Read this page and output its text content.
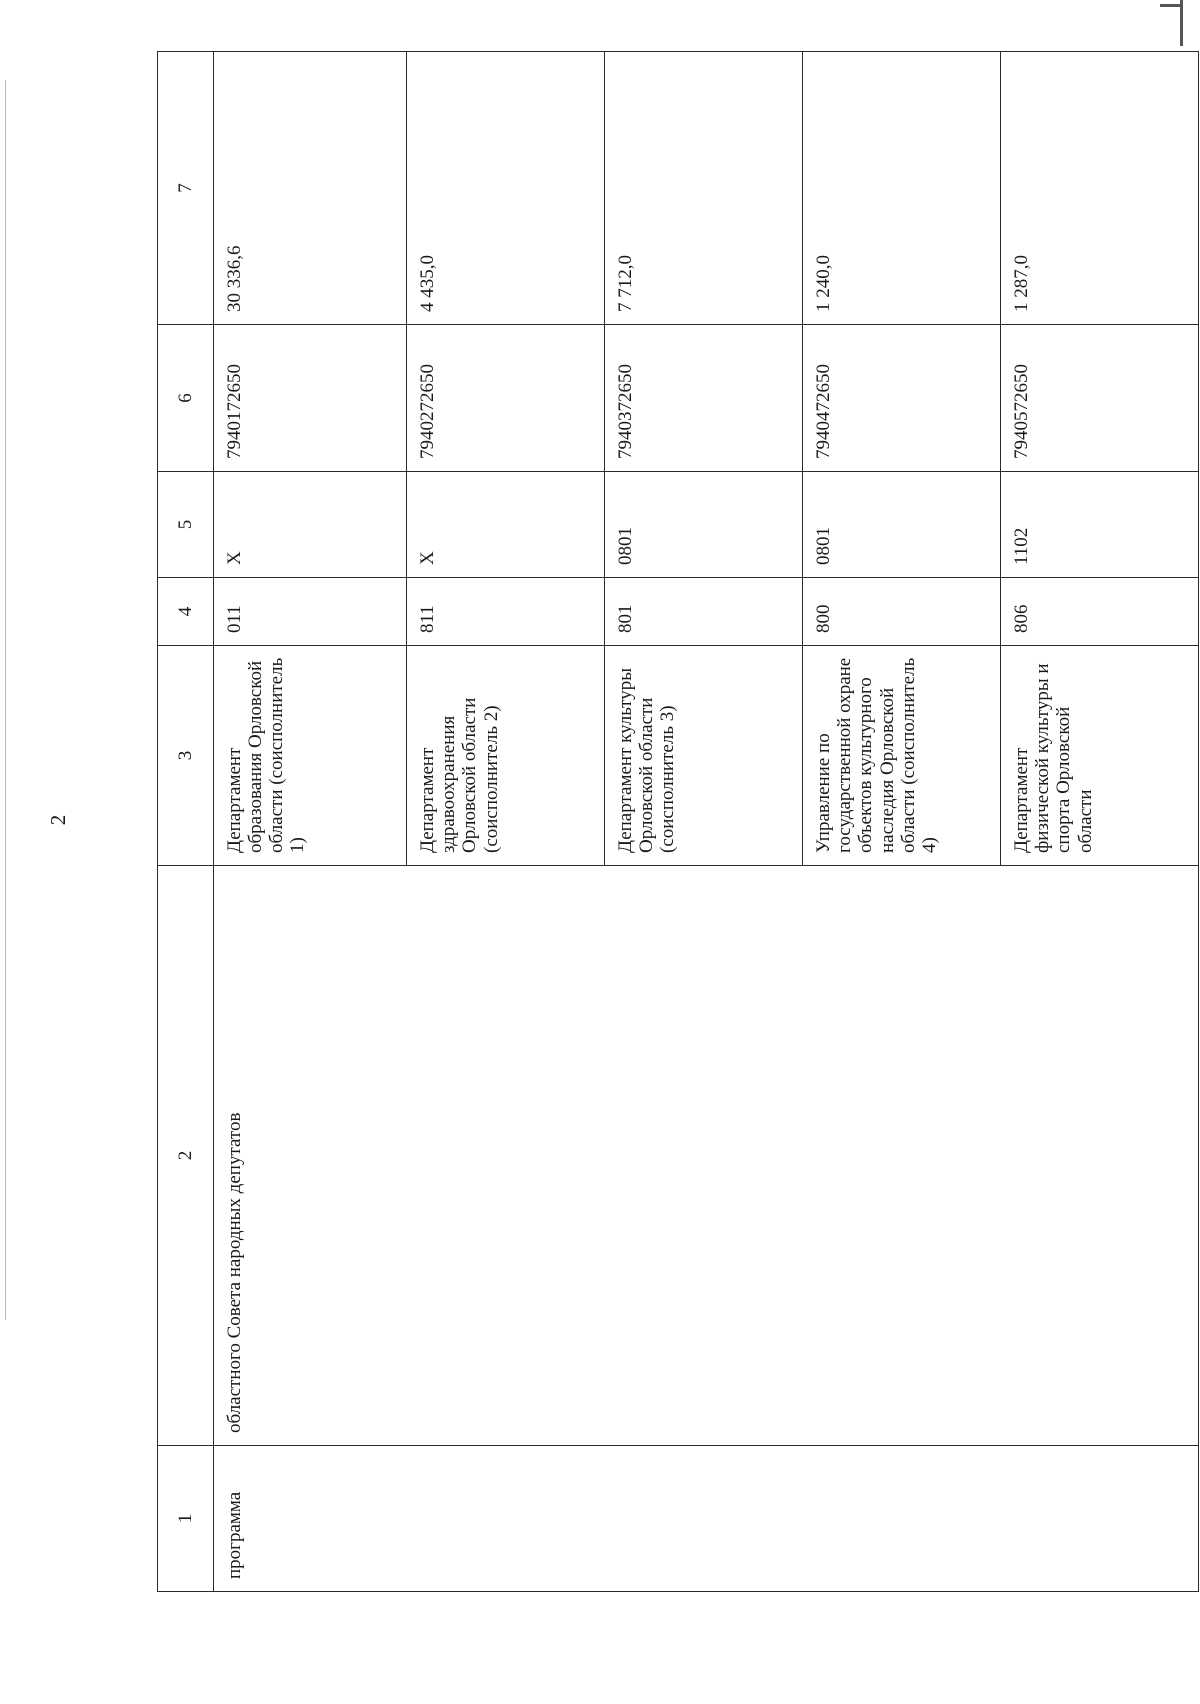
2
1	2	3	4	5	6	7
программа	областного Совета народных депутатов	Департамент образования Орловской области (соисполнитель 1)	011	Х	7940172650	30 336,6
		Департамент здравоохранения Орловской области (соисполнитель 2)	811	Х	7940272650	4 435,0
		Департамент культуры Орловской области (соисполнитель 3)	801	0801	7940372650	7 712,0
		Управление по государственной охране объектов культурного наследия Орловской области (соисполнитель 4)	800	0801	7940472650	1 240,0
		Департамент физической культуры и спорта Орловской области	806	1102	7940572650	1 287,0
